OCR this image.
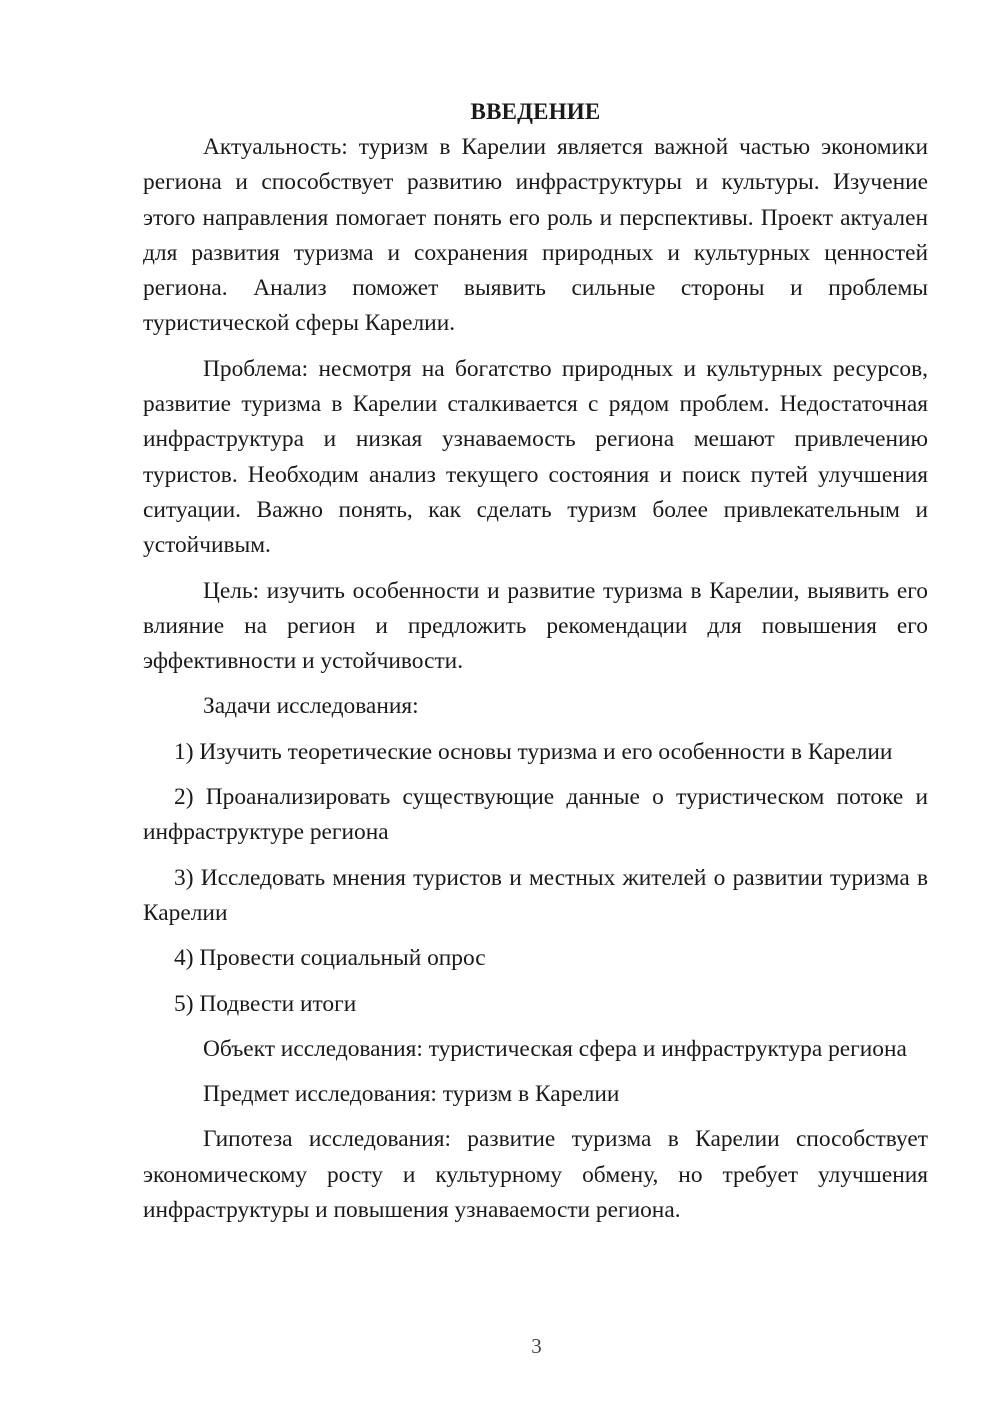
ВВЕДЕНИЕ

Актуальность: туризм в Карелии является важной частью экономики региона и способствует развитию инфраструктуры и культуры. Изучение этого направления помогает понять его роль и перспективы. Проект актуален для развития туризма и сохранения природных и культурных ценностей региона. Анализ поможет выявить сильные стороны и проблемы туристической сферы Карелии.

Проблема: несмотря на богатство природных и культурных ресурсов, развитие туризма в Карелии сталкивается с рядом проблем. Недостаточная инфраструктура и низкая узнаваемость региона мешают привлечению туристов. Необходим анализ текущего состояния и поиск путей улучшения ситуации. Важно понять, как сделать туризм более привлекательным и устойчивым.

Цель: изучить особенности и развитие туризма в Карелии, выявить его влияние на регион и предложить рекомендации для повышения его эффективности и устойчивости.

Задачи исследования:

1) Изучить теоретические основы туризма и его особенности в Карелии

2) Проанализировать существующие данные о туристическом потоке и инфраструктуре региона

3) Исследовать мнения туристов и местных жителей о развитии туризма в Карелии

4) Провести социальный опрос

5) Подвести итоги

Объект исследования: туристическая сфера и инфраструктура региона

Предмет исследования: туризм в Карелии

Гипотеза исследования: развитие туризма в Карелии способствует экономическому росту и культурному обмену, но требует улучшения инфраструктуры и повышения узнаваемости региона.

3
